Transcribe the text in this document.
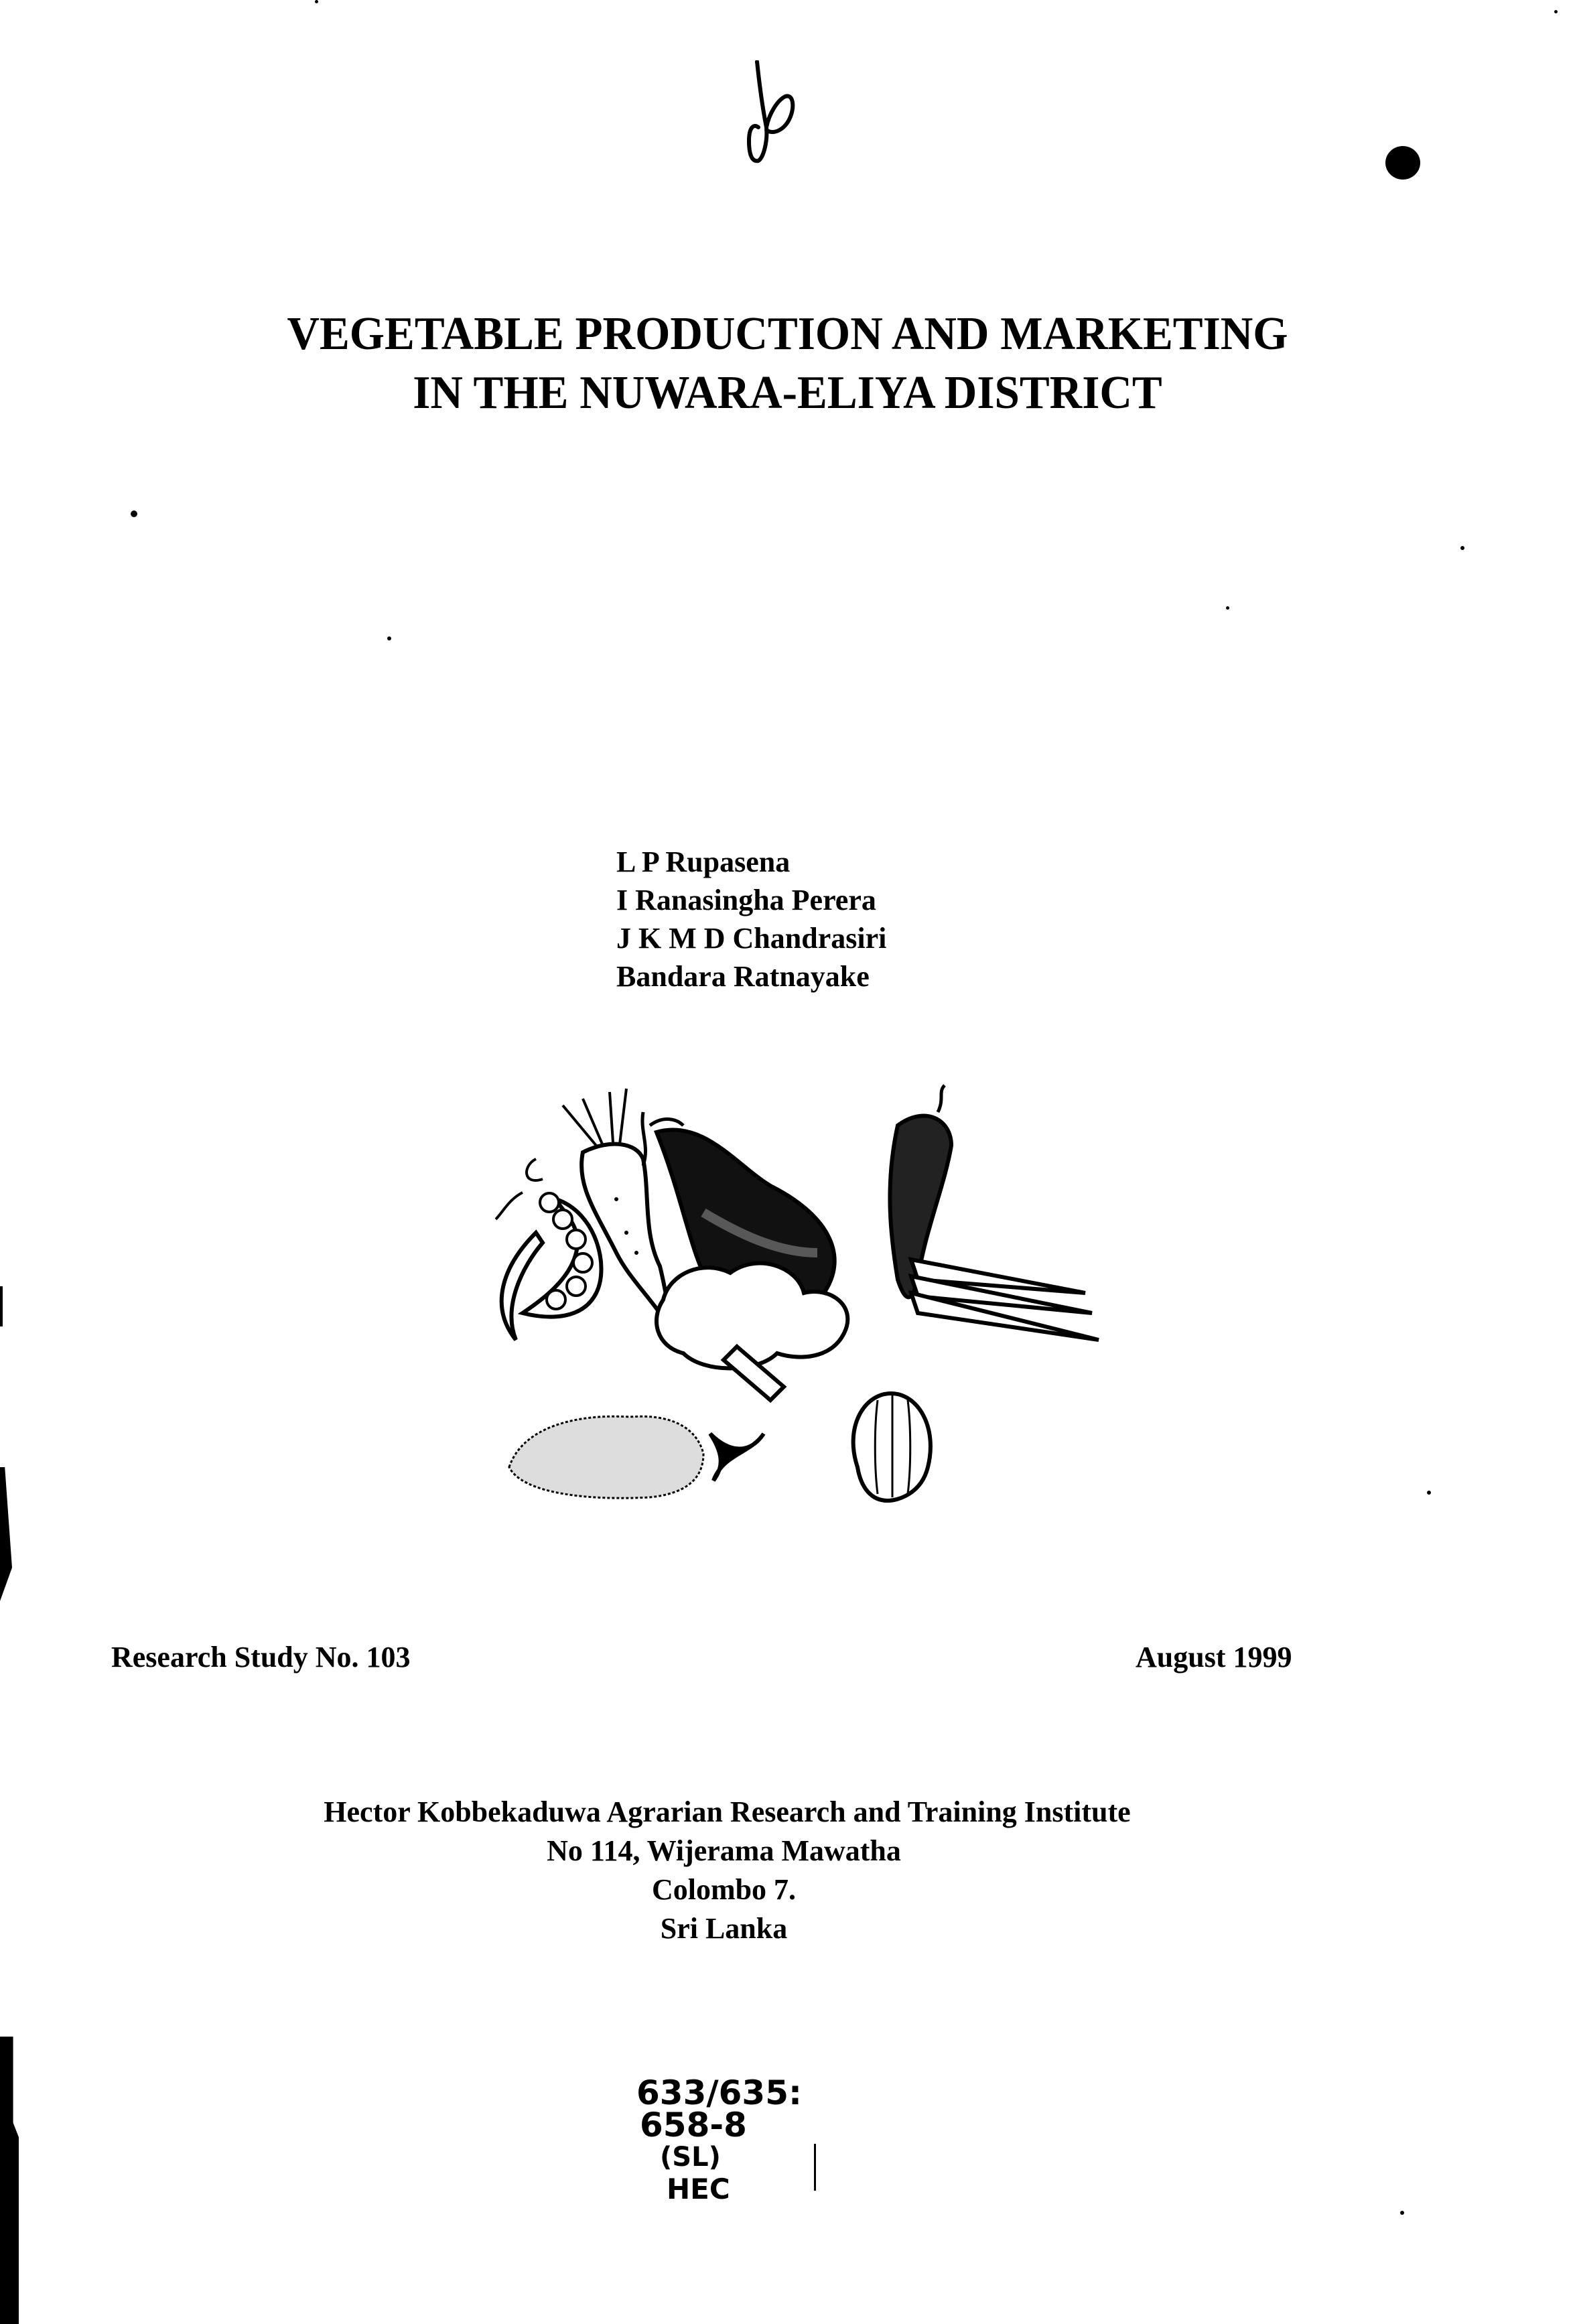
VEGETABLE PRODUCTION AND MARKETING
IN THE NUWARA-ELIYA DISTRICT
L P Rupasena
I Ranasingha Perera
J K M D Chandrasiri
Bandara Ratnayake
Research Study No. 103	August 1999
Hector Kobbekaduwa Agrarian Research and Training Institute
No 114, Wijerama Mawatha
Colombo 7.
Sri Lanka
633/635:
658-8
(SL)
HEC
